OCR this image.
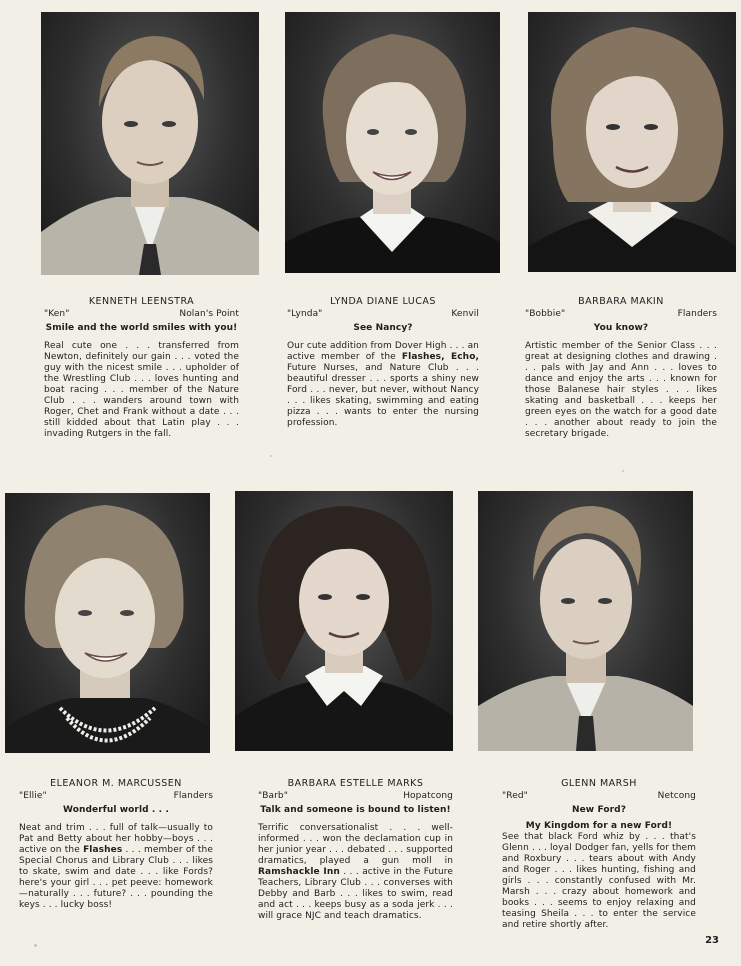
KENNETH LEENSTRA
"Ken"	Nolan's Point
Smile and the world smiles with you!
Real cute one . . . transferred from Newton, definitely our gain . . . voted the guy with the nicest smile . . . upholder of the Wrestling Club . . . loves hunting and boat racing . . . member of the Nature Club . . . wanders around town with Roger, Chet and Frank without a date . . . still kidded about that Latin play . . . invading Rutgers in the fall.
LYNDA DIANE LUCAS
"Lynda"	Kenvil
See Nancy?
Our cute addition from Dover High . . . an active member of the Flashes, Echo, Future Nurses, and Nature Club . . . beautiful dresser . . . sports a shiny new Ford . . . never, but never, without Nancy . . . likes skating, swimming and eating pizza . . . wants to enter the nursing profession.
BARBARA MAKIN
"Bobbie"	Flanders
You know?
Artistic member of the Senior Class . . . great at designing clothes and drawing . . . pals with Jay and Ann . . . loves to dance and enjoy the arts . . . known for those Balanese hair styles . . . likes skating and basketball . . . keeps her green eyes on the watch for a good date . . . another about ready to join the secretary brigade.
ELEANOR M. MARCUSSEN
"Ellie"	Flanders
Wonderful world . . .
Neat and trim . . . full of talk—usually to Pat and Betty about her hobby—boys . . . active on the Flashes . . . member of the Special Chorus and Library Club . . . likes to skate, swim and date . . . like Fords? here's your girl . . . pet peeve: homework—naturally . . . future? . . . pounding the keys . . . lucky boss!
BARBARA ESTELLE MARKS
"Barb"	Hopatcong
Talk and someone is bound to listen!
Terrific conversationalist . . . well-informed . . . won the declamation cup in her junior year . . . debated . . . supported dramatics, played a gun moll in Ramshackle Inn . . . active in the Future Teachers, Library Club . . . converses with Debby and Barb . . . likes to swim, read and act . . . keeps busy as a soda jerk . . . will grace NJC and teach dramatics.
GLENN MARSH
"Red"	Netcong
New Ford?
My Kingdom for a new Ford!
See that black Ford whiz by . . . that's Glenn . . . loyal Dodger fan, yells for them and Roxbury . . . tears about with Andy and Roger . . . likes hunting, fishing and girls . . . constantly confused with Mr. Marsh . . . crazy about homework and books . . . seems to enjoy relaxing and teasing Sheila . . . to enter the service and retire shortly after.
23
